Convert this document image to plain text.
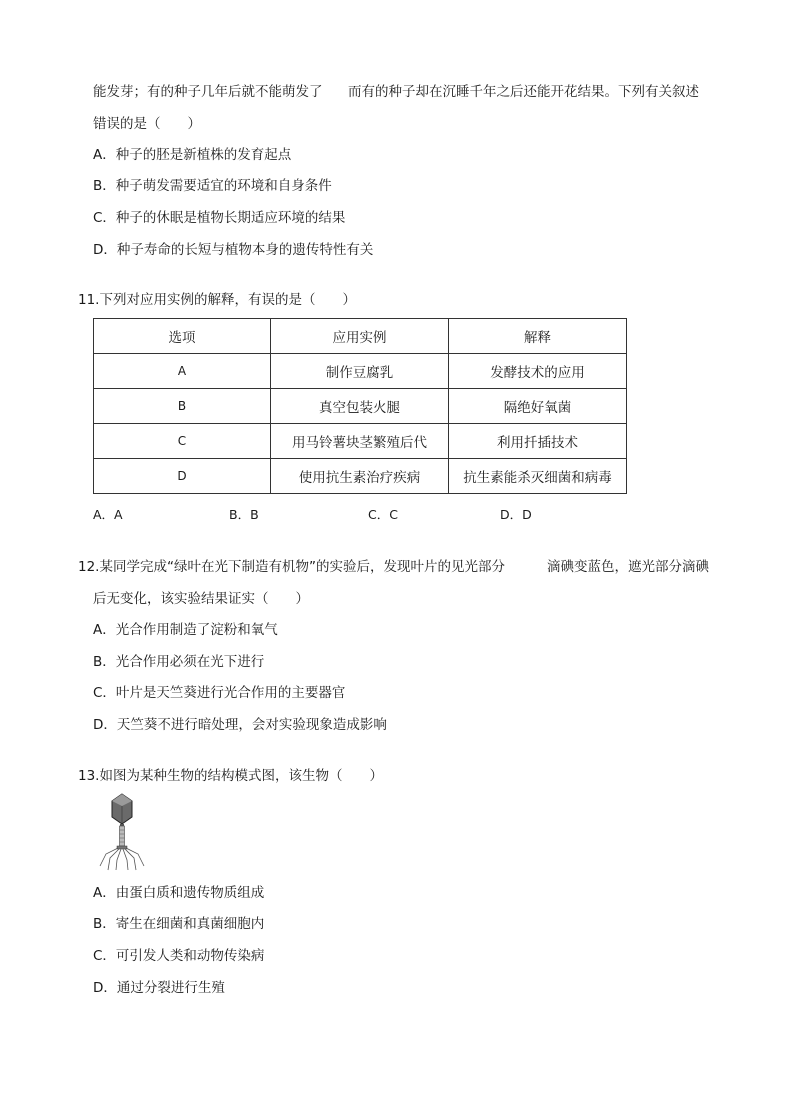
能发芽；有的种子几年后就不能萌发了 而有的种子却在沉睡千年之后还能开花结果。下列有关叙述
错误的是（　　）
A．种子的胚是新植株的发育起点
B．种子萌发需要适宜的环境和自身条件
C．种子的休眠是植物长期适应环境的结果
D．种子寿命的长短与植物本身的遗传特性有关
11.下列对应用实例的解释，有误的是（　　）
选项	应用实例	解释
A	制作豆腐乳	发酵技术的应用
B	真空包装火腿	隔绝好氧菌
C	用马铃薯块茎繁殖后代	利用扦插技术
D	使用抗生素治疗疾病	抗生素能杀灭细菌和病毒
A．A	B．B	C．C	D．D
12.某同学完成“绿叶在光下制造有机物”的实验后，发现叶片的见光部分	滴碘变蓝色，遮光部分滴碘
后无变化，该实验结果证实（　　）
A．光合作用制造了淀粉和氧气
B．光合作用必须在光下进行
C．叶片是天竺葵进行光合作用的主要器官
D．天竺葵不进行暗处理，会对实验现象造成影响
13.如图为某种生物的结构模式图，该生物（　　）
A．由蛋白质和遗传物质组成
B．寄生在细菌和真菌细胞内
C．可引发人类和动物传染病
D．通过分裂进行生殖
